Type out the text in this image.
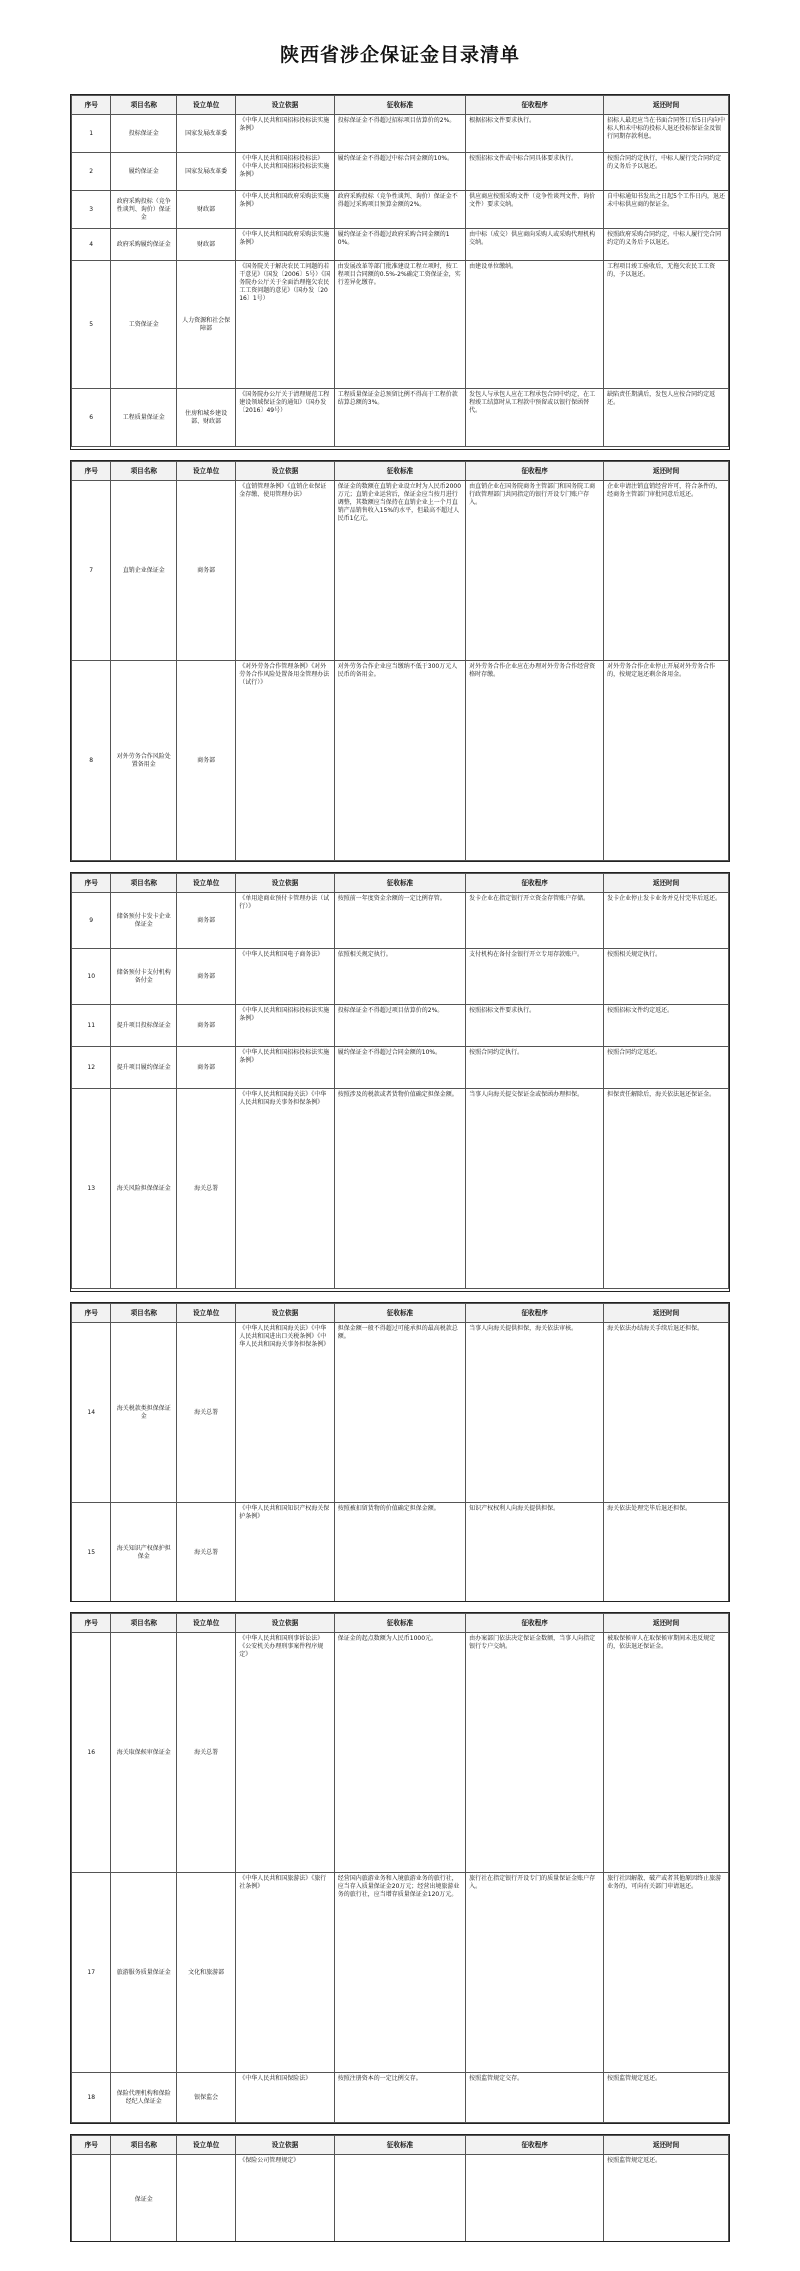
陕西省涉企保证金目录清单
序号	项目名称	设立单位	设立依据	征收标准	征收程序	返还时间
1	投标保证金	国家发展改革委	《中华人民共和国招标投标法实施条例》	投标保证金不得超过招标项目估算价的2%。	根据招标文件要求执行。	招标人最迟应当在书面合同签订后5日内向中标人和未中标的投标人退还投标保证金及银行同期存款利息。
2	履约保证金	国家发展改革委	《中华人民共和国招标投标法》《中华人民共和国招标投标法实施条例》	履约保证金不得超过中标合同金额的10%。	按照招标文件或中标合同具体要求执行。	按照合同约定执行，中标人履行完合同约定的义务后予以退还。
3	政府采购投标（竞争性谈判、询价）保证金	财政部	《中华人民共和国政府采购法实施条例》	政府采购投标（竞争性谈判、询价）保证金不得超过采购项目预算金额的2%。	供应商应按照采购文件（竞争性谈判文件、询价文件）要求交纳。	自中标通知书发出之日起5个工作日内，退还未中标供应商的保证金。
4	政府采购履约保证金	财政部	《中华人民共和国政府采购法实施条例》	履约保证金不得超过政府采购合同金额的10%。	由中标（成交）供应商向采购人或采购代理机构交纳。	按照政府采购合同约定，中标人履行完合同约定的义务后予以退还。
5	工资保证金	人力资源和社会保障部	《国务院关于解决农民工问题的若干意见》（国发〔2006〕5号）《国务院办公厅关于全面治理拖欠农民工工资问题的意见》（国办发〔2016〕1号）	由发展改革等部门批准建设工程立项时，按工程项目合同额的0.5%-2%确定工资保证金，实行差异化缴存。	由建设单位缴纳。	工程项目竣工验收后，无拖欠农民工工资的，予以退还。
6	工程质量保证金	住房和城乡建设部、财政部	《国务院办公厅关于清理规范工程建设领域保证金的通知》（国办发〔2016〕49号）	工程质量保证金总预留比例不得高于工程价款结算总额的3%。	发包人与承包人应在工程承包合同中约定，在工程竣工结算时从工程款中预留或以银行保函替代。	缺陷责任期满后，发包人应按合同约定返还。
序号	项目名称	设立单位	设立依据	征收标准	征收程序	返还时间
7	直销企业保证金	商务部	《直销管理条例》《直销企业保证金存缴、使用管理办法》	保证金的数额在直销企业设立时为人民币2000万元；直销企业运营后，保证金应当按月进行调整，其数额应当保持在直销企业上一个月直销产品销售收入15%的水平，但最高不超过人民币1亿元。	由直销企业在国务院商务主管部门和国务院工商行政管理部门共同指定的银行开设专门账户存入。	企业申请注销直销经营许可，符合条件的，经商务主管部门审批同意后返还。
8	对外劳务合作风险处置备用金	商务部	《对外劳务合作管理条例》《对外劳务合作风险处置备用金管理办法（试行）》	对外劳务合作企业应当缴纳不低于300万元人民币的备用金。	对外劳务合作企业应在办理对外劳务合作经营资格时存缴。	对外劳务合作企业停止开展对外劳务合作的，按规定退还剩余备用金。
序号	项目名称	设立单位	设立依据	征收标准	征收程序	返还时间
9	储备预付卡发卡企业保证金	商务部	《单用途商业预付卡管理办法（试行）》	按照前一年度资金余额的一定比例存管。	发卡企业在指定银行开立资金存管账户存储。	发卡企业停止发卡业务并兑付完毕后返还。
10	储备预付卡支付机构备付金	商务部	《中华人民共和国电子商务法》	依照相关规定执行。	支付机构在备付金银行开立专用存款账户。	按照相关规定执行。
11	提升项目投标保证金	商务部	《中华人民共和国招标投标法实施条例》	投标保证金不得超过项目估算价的2%。	按照招标文件要求执行。	按照招标文件约定返还。
12	提升项目履约保证金	商务部	《中华人民共和国招标投标法实施条例》	履约保证金不得超过合同金额的10%。	按照合同约定执行。	按照合同约定返还。
13	海关风险担保保证金	海关总署	《中华人民共和国海关法》《中华人民共和国海关事务担保条例》	按照涉及的税款或者货物价值确定担保金额。	当事人向海关提交保证金或保函办理担保。	担保责任解除后，海关依法退还保证金。
序号	项目名称	设立单位	设立依据	征收标准	征收程序	返还时间
14	海关税款类担保保证金	海关总署	《中华人民共和国海关法》《中华人民共和国进出口关税条例》《中华人民共和国海关事务担保条例》	担保金额一般不得超过可能承担的最高税款总额。	当事人向海关提供担保，海关依法审核。	海关依法办结海关手续后退还担保。
15	海关知识产权保护担保金	海关总署	《中华人民共和国知识产权海关保护条例》	按照被扣留货物的价值确定担保金额。	知识产权权利人向海关提供担保。	海关依法处理完毕后退还担保。
序号	项目名称	设立单位	设立依据	征收标准	征收程序	返还时间
16	海关取保候审保证金	海关总署	《中华人民共和国刑事诉讼法》《公安机关办理刑事案件程序规定》	保证金的起点数额为人民币1000元。	由办案部门依法决定保证金数额，当事人向指定银行专户交纳。	被取保候审人在取保候审期间未违反规定的，依法退还保证金。
17	旅游服务质量保证金	文化和旅游部	《中华人民共和国旅游法》《旅行社条例》	经营国内旅游业务和入境旅游业务的旅行社，应当存入质量保证金20万元；经营出境旅游业务的旅行社，应当增存质量保证金120万元。	旅行社在指定银行开设专门的质量保证金账户存入。	旅行社因解散、破产或者其他原因终止旅游业务的，可向有关部门申请退还。
18	保险代理机构和保险经纪人保证金	银保监会	《中华人民共和国保险法》	按照注册资本的一定比例交存。	按照监管规定交存。	按照监管规定返还。
序号	项目名称	设立单位	设立依据	征收标准	征收程序	返还时间
	保证金		《保险公司管理规定》			按照监管规定返还。
